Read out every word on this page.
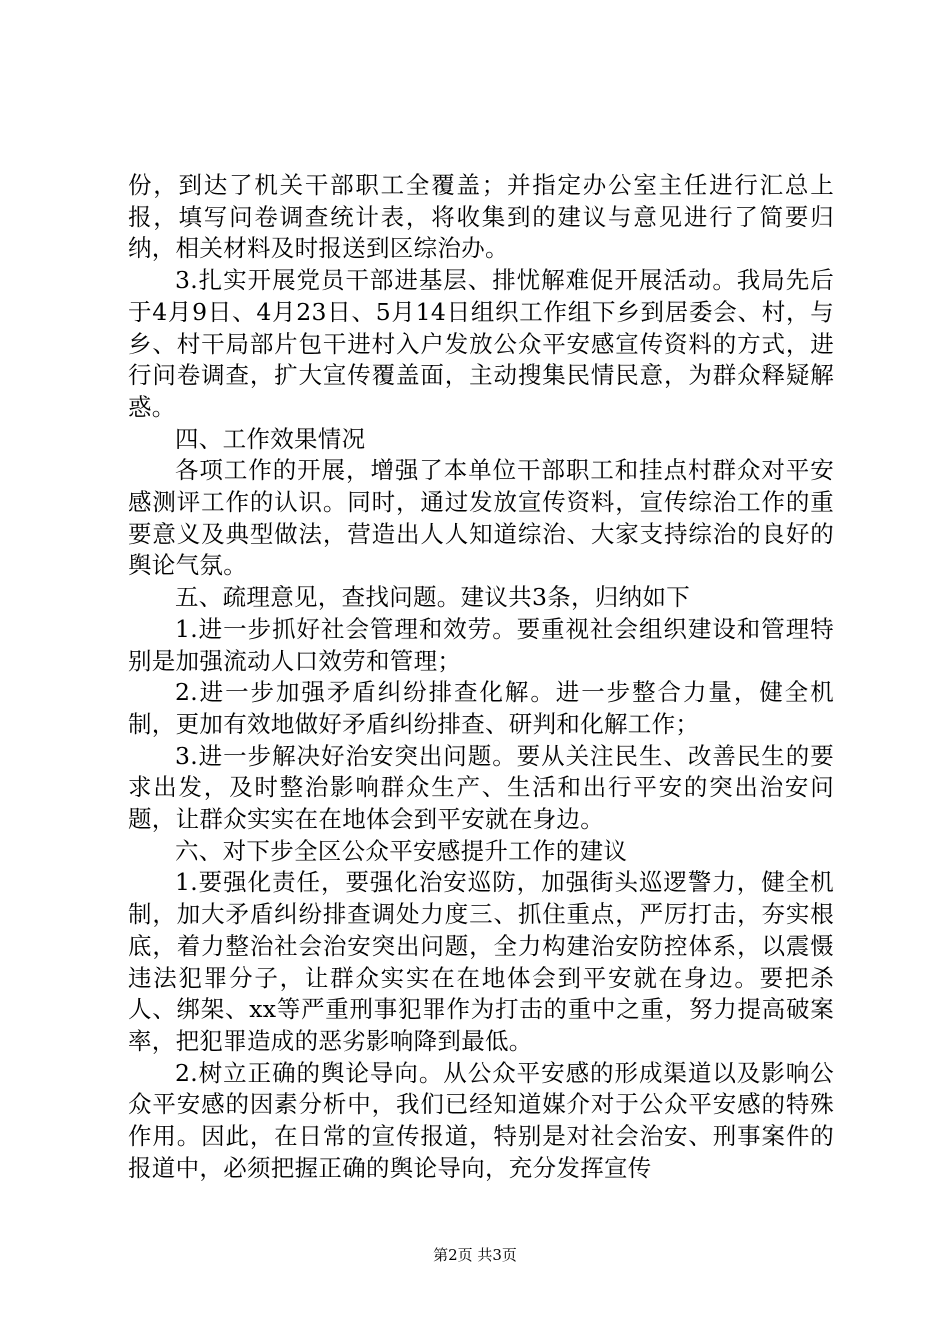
份，到达了机关干部职工全覆盖；并指定办公室主任进行汇总上报，填写问卷调查统计表，将收集到的建议与意见进行了简要归纳，相关材料及时报送到区综治办。

3.扎实开展党员干部进基层、排忧解难促开展活动。我局先后于4月9日、4月23日、5月14日组织工作组下乡到居委会、村，与乡、村干局部片包干进村入户发放公众平安感宣传资料的方式，进行问卷调查，扩大宣传覆盖面，主动搜集民情民意，为群众释疑解惑。

四、工作效果情况

各项工作的开展，增强了本单位干部职工和挂点村群众对平安感测评工作的认识。同时，通过发放宣传资料，宣传综治工作的重要意义及典型做法，营造出人人知道综治、大家支持综治的良好的舆论气氛。

五、疏理意见，查找问题。建议共3条，归纳如下

1.进一步抓好社会管理和效劳。要重视社会组织建设和管理特别是加强流动人口效劳和管理；

2.进一步加强矛盾纠纷排查化解。进一步整合力量，健全机制，更加有效地做好矛盾纠纷排查、研判和化解工作；

3.进一步解决好治安突出问题。要从关注民生、改善民生的要求出发，及时整治影响群众生产、生活和出行平安的突出治安问题，让群众实实在在地体会到平安就在身边。

六、对下步全区公众平安感提升工作的建议

1.要强化责任，要强化治安巡防，加强街头巡逻警力，健全机制，加大矛盾纠纷排查调处力度三、抓住重点，严厉打击，夯实根底，着力整治社会治安突出问题，全力构建治安防控体系，以震慑违法犯罪分子，让群众实实在在地体会到平安就在身边。要把杀人、绑架、xx等严重刑事犯罪作为打击的重中之重，努力提高破案率，把犯罪造成的恶劣影响降到最低。

2.树立正确的舆论导向。从公众平安感的形成渠道以及影响公众平安感的因素分析中，我们已经知道媒介对于公众平安感的特殊作用。因此，在日常的宣传报道，特别是对社会治安、刑事案件的报道中，必须把握正确的舆论导向，充分发挥宣传

第2页 共3页
